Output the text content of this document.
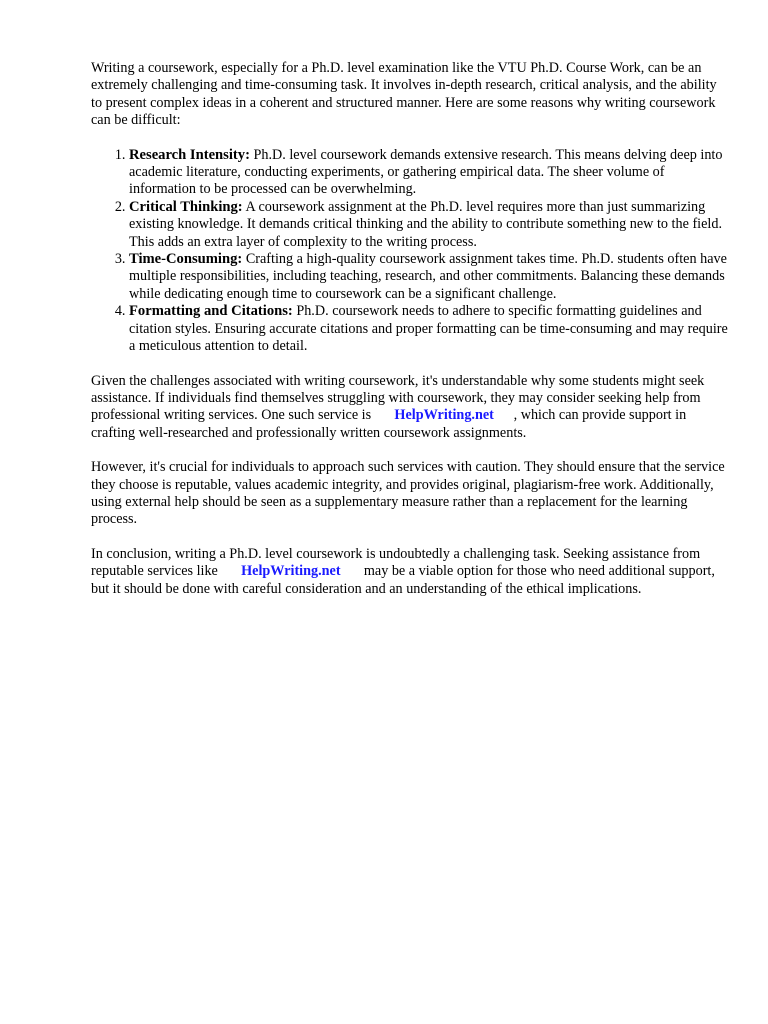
Writing a coursework, especially for a Ph.D. level examination like the VTU Ph.D. Course Work, can be an extremely challenging and time-consuming task. It involves in-depth research, critical analysis, and the ability to present complex ideas in a coherent and structured manner. Here are some reasons why writing coursework can be difficult:

1. Research Intensity: Ph.D. level coursework demands extensive research. This means delving deep into academic literature, conducting experiments, or gathering empirical data. The sheer volume of information to be processed can be overwhelming.
2. Critical Thinking: A coursework assignment at the Ph.D. level requires more than just summarizing existing knowledge. It demands critical thinking and the ability to contribute something new to the field. This adds an extra layer of complexity to the writing process.
3. Time-Consuming: Crafting a high-quality coursework assignment takes time. Ph.D. students often have multiple responsibilities, including teaching, research, and other commitments. Balancing these demands while dedicating enough time to coursework can be a significant challenge.
4. Formatting and Citations: Ph.D. coursework needs to adhere to specific formatting guidelines and citation styles. Ensuring accurate citations and proper formatting can be time-consuming and may require a meticulous attention to detail.

Given the challenges associated with writing coursework, it's understandable why some students might seek assistance. If individuals find themselves struggling with coursework, they may consider seeking help from professional writing services. One such service is HelpWriting.net , which can provide support in crafting well-researched and professionally written coursework assignments.

However, it's crucial for individuals to approach such services with caution. They should ensure that the service they choose is reputable, values academic integrity, and provides original, plagiarism-free work. Additionally, using external help should be seen as a supplementary measure rather than a replacement for the learning process.

In conclusion, writing a Ph.D. level coursework is undoubtedly a challenging task. Seeking assistance from reputable services like HelpWriting.net may be a viable option for those who need additional support, but it should be done with careful consideration and an understanding of the ethical implications.
